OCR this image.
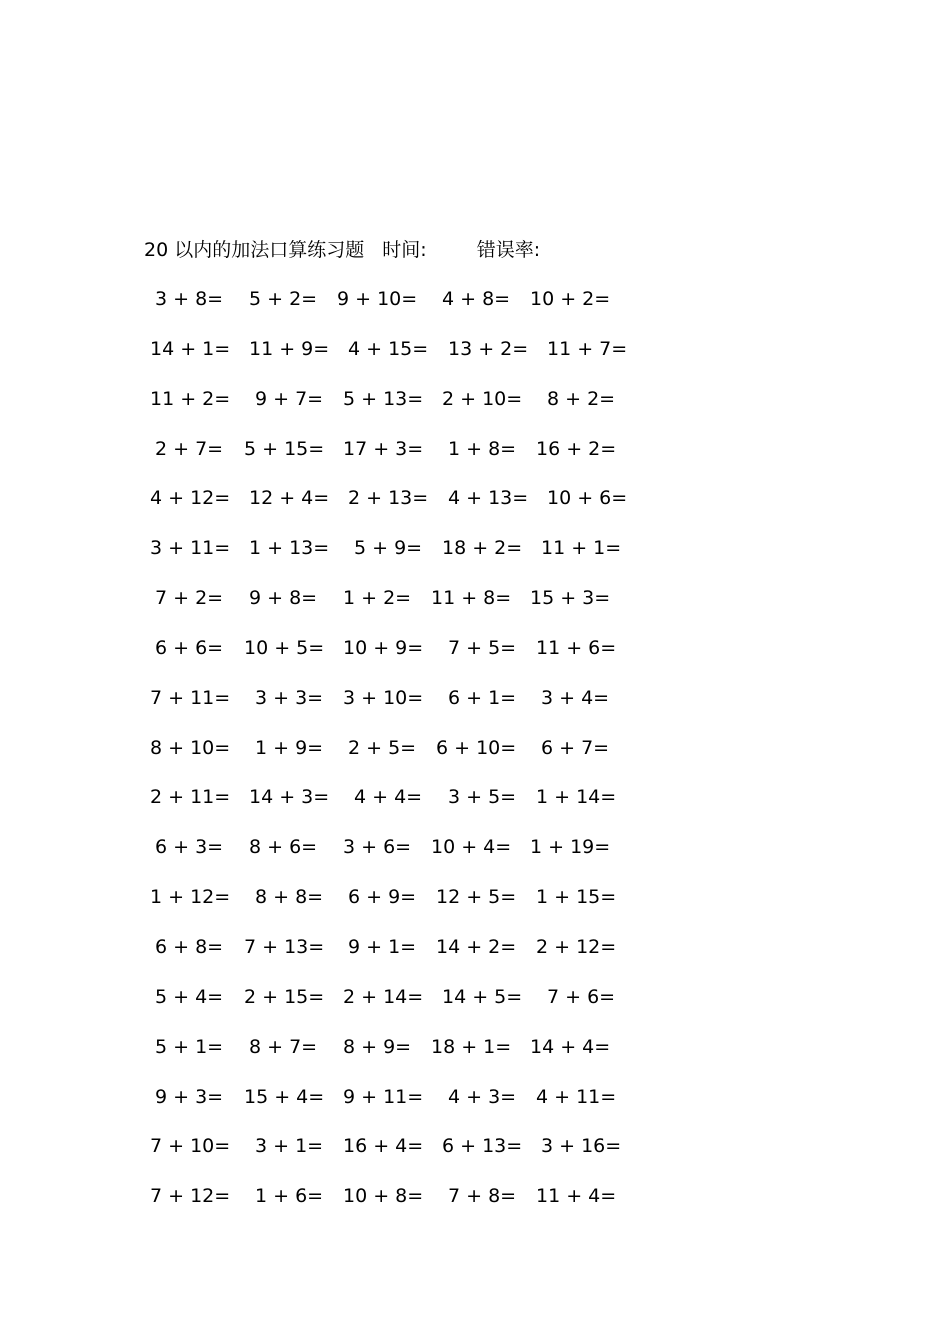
20 以内的加法口算练习题 时间:	错误率:
3 + 8= 5 + 2= 9 + 10= 4 + 8= 10 + 2=
14 + 1= 11 + 9= 4 + 15= 13 + 2= 11 + 7=
11 + 2= 9 + 7= 5 + 13= 2 + 10= 8 + 2=
2 + 7= 5 + 15= 17 + 3= 1 + 8= 16 + 2=
4 + 12= 12 + 4= 2 + 13= 4 + 13= 10 + 6=
3 + 11= 1 + 13= 5 + 9= 18 + 2= 11 + 1=
7 + 2= 9 + 8= 1 + 2= 11 + 8= 15 + 3=
6 + 6= 10 + 5= 10 + 9= 7 + 5= 11 + 6=
7 + 11= 3 + 3= 3 + 10= 6 + 1= 3 + 4=
8 + 10= 1 + 9= 2 + 5= 6 + 10= 6 + 7=
2 + 11= 14 + 3= 4 + 4= 3 + 5= 1 + 14=
6 + 3= 8 + 6= 3 + 6= 10 + 4= 1 + 19=
1 + 12= 8 + 8= 6 + 9= 12 + 5= 1 + 15=
6 + 8= 7 + 13= 9 + 1= 14 + 2= 2 + 12=
5 + 4= 2 + 15= 2 + 14= 14 + 5= 7 + 6=
5 + 1= 8 + 7= 8 + 9= 18 + 1= 14 + 4=
9 + 3= 15 + 4= 9 + 11= 4 + 3= 4 + 11=
7 + 10= 3 + 1= 16 + 4= 6 + 13= 3 + 16=
7 + 12= 1 + 6= 10 + 8= 7 + 8= 11 + 4=
